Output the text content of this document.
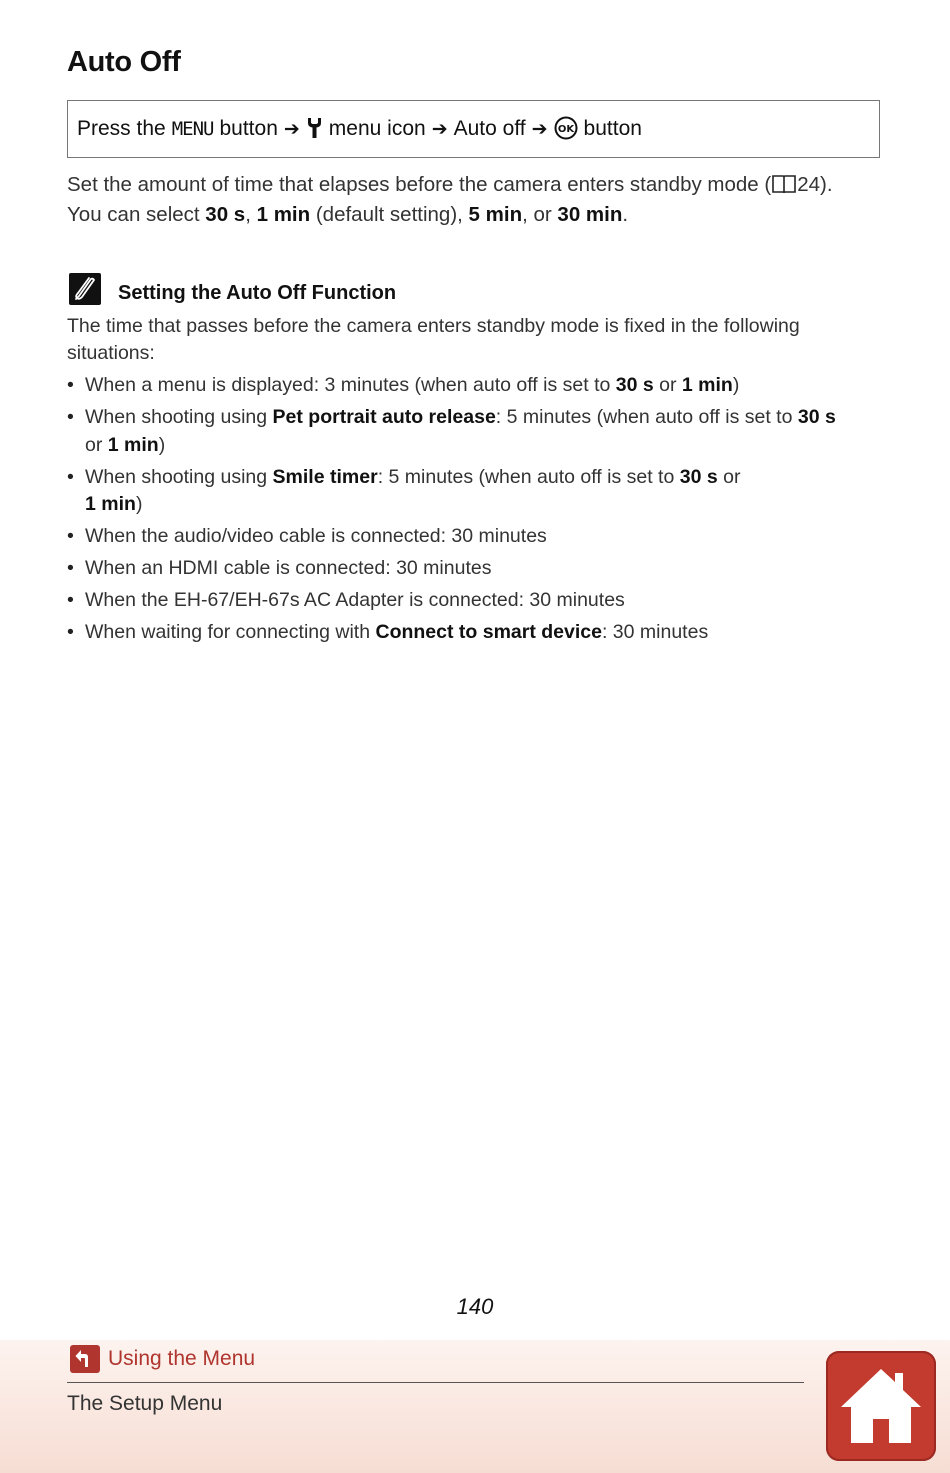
Auto Off
Press the MENU button ➔ menu icon ➔ Auto off ➔ OK button

Set the amount of time that elapses before the camera enters standby mode ( 24).
You can select 30 s, 1 min (default setting), 5 min, or 30 min.

Setting the Auto Off Function

The time that passes before the camera enters standby mode is fixed in the following situations:

• When a menu is displayed: 3 minutes (when auto off is set to 30 s or 1 min)
• When shooting using Pet portrait auto release: 5 minutes (when auto off is set to 30 s
or 1 min)
• When shooting using Smile timer: 5 minutes (when auto off is set to 30 s or
1 min)
• When the audio/video cable is connected: 30 minutes
• When an HDMI cable is connected: 30 minutes
• When the EH-67/EH-67s AC Adapter is connected: 30 minutes
• When waiting for connecting with Connect to smart device: 30 minutes
140
Using the Menu
The Setup Menu
